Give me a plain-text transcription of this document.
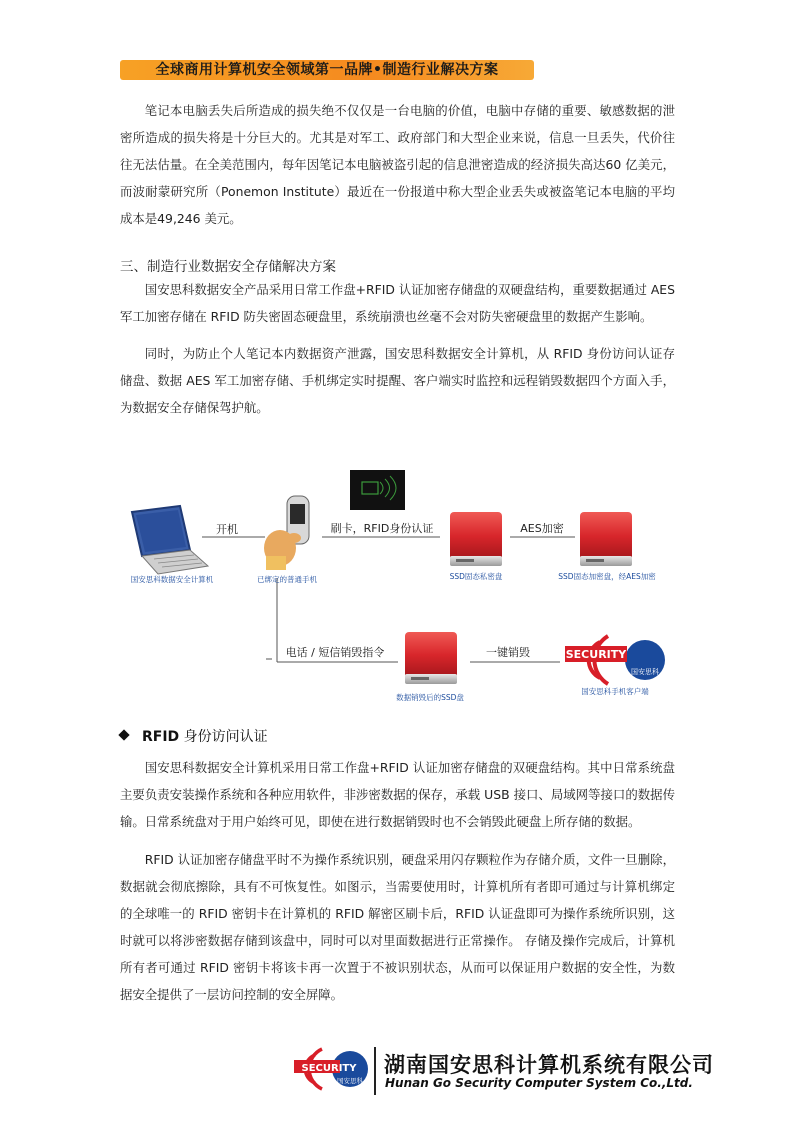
全球商用计算机安全领域第一品牌•制造行业解决方案

笔记本电脑丢失后所造成的损失绝不仅仅是一台电脑的价值，电脑中存储的重要、敏感数据的泄密所造成的损失将是十分巨大的。尤其是对军工、政府部门和大型企业来说，信息一旦丢失，代价往往无法估量。在全美范围内，每年因笔记本电脑被盗引起的信息泄密造成的经济损失高达60 亿美元，而波耐蒙研究所（Ponemon Institute）最近在一份报道中称大型企业丢失或被盗笔记本电脑的平均成本是49,246 美元。

三、制造行业数据安全存储解决方案

国安思科数据安全产品采用日常工作盘+RFID 认证加密存储盘的双硬盘结构，重要数据通过 AES 军工加密存储在 RFID 防失密固态硬盘里，系统崩溃也丝毫不会对防失密硬盘里的数据产生影响。

同时，为防止个人笔记本内数据资产泄露，国安思科数据安全计算机，从 RFID 身份访问认证存储盘、数据 AES 军工加密存储、手机绑定实时提醒、客户端实时监控和远程销毁数据四个方面入手，为数据安全存储保驾护航。

国安思科数据安全计算机	已绑定的普通手机	SSD固态私密盘	SSD固态加密盘，经AES加密
数据销毁后的SSD盘
SECURITY
国安思科
国安思科手机客户端
开机	刷卡，RFID身份认证	AES加密
电话 / 短信销毁指令	一键销毁
RFID 身份访问认证

国安思科数据安全计算机采用日常工作盘+RFID 认证加密存储盘的双硬盘结构。其中日常系统盘主要负责安装操作系统和各种应用软件，非涉密数据的保存，承载 USB 接口、局域网等接口的数据传输。日常系统盘对于用户始终可见，即使在进行数据销毁时也不会销毁此硬盘上所存储的数据。

RFID 认证加密存储盘平时不为操作系统识别，硬盘采用闪存颗粒作为存储介质，文件一旦删除，数据就会彻底擦除，具有不可恢复性。如图示，当需要使用时，计算机所有者即可通过与计算机绑定的全球唯一的 RFID 密钥卡在计算机的 RFID 解密区刷卡后，RFID 认证盘即可为操作系统所识别，这时就可以将涉密数据存储到该盘中，同时可以对里面数据进行正常操作。 存储及操作完成后，计算机所有者可通过 RFID 密钥卡将该卡再一次置于不被识别状态，从而可以保证用户数据的安全性，为数据安全提供了一层访问控制的安全屏障。

SECURITY
国安思科
湖南国安思科计算机系统有限公司
Hunan Go Security Computer System Co.,Ltd.
